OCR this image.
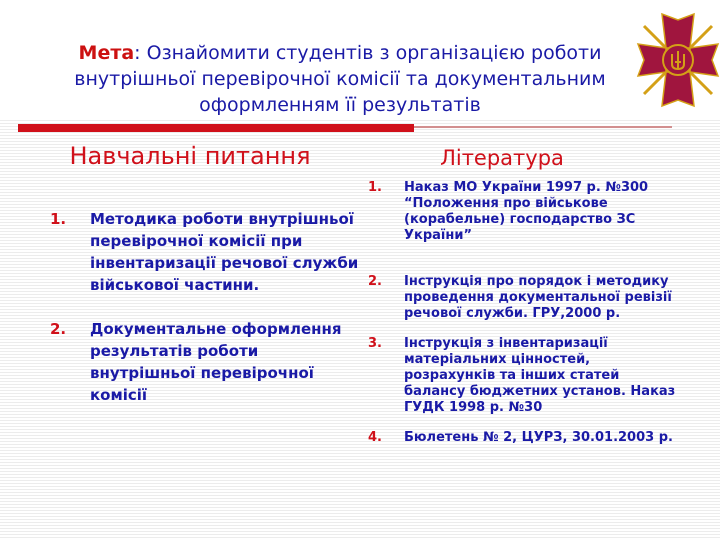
Мета: Ознайомити студентів з організацією роботи внутрішньої перевірочної комісії та документальним оформленням її результатів
Навчальні питання
1. Методика роботи внутрішньої перевірочної комісії при інвентаризації речової служби військової частини.
2. Документальне оформлення результатів роботи внутрішньої перевірочної комісії
Література
1. Наказ МО України 1997 р. №300 “Положення про військове (корабельне) господарство ЗС України”
2. Інструкція про порядок і методику проведення документальної ревізії речової служби. ГРУ,2000 р.
3. Інструкція з інвентаризації матеріальних цінностей, розрахунків та інших статей балансу бюджетних установ. Наказ ГУДК 1998 р. №30
4. Бюлетень № 2, ЦУРЗ, 30.01.2003 р.
